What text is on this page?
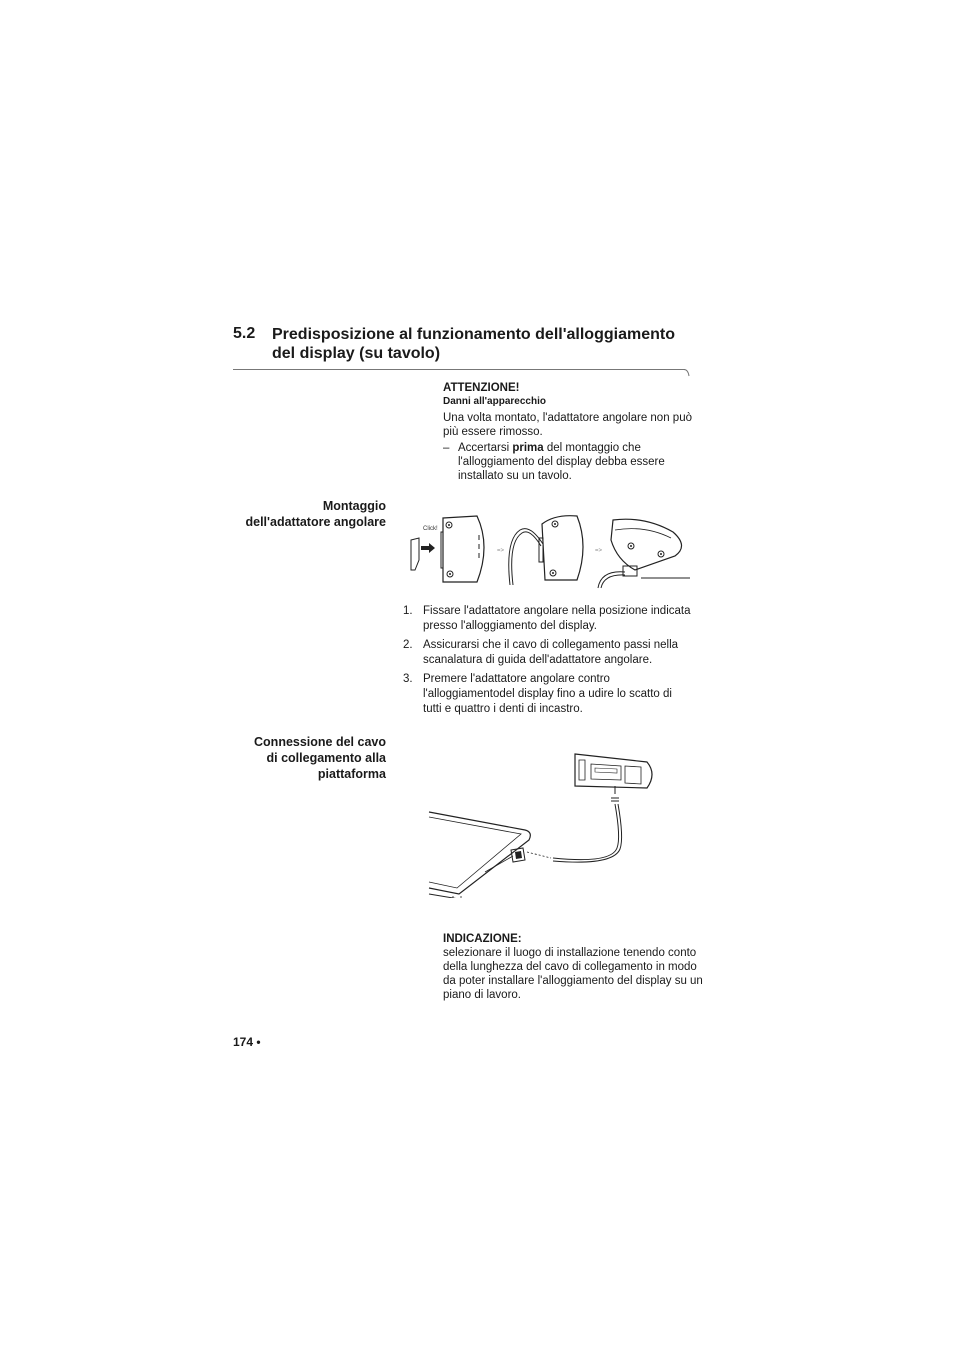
5.2 Predisposizione al funzionamento dell'alloggiamento
del display (su tavolo)
ATTENZIONE!
Danni all'apparecchio
Una volta montato, l'adattatore angolare non può più essere rimosso.
– Accertarsi prima del montaggio che l'alloggiamento del display debba essere installato su un tavolo.
Montaggio
dell'adattatore angolare	Click!
=>	=>
1. Fissare l'adattatore angolare nella posizione indicata presso l'alloggiamento del display.
2. Assicurarsi che il cavo di collegamento passi nella scanalatura di guida dell'adattatore angolare.
3. Premere l'adattatore angolare contro l'alloggiamentodel display fino a udire lo scatto di tutti e quattro i denti di incastro.
Connessione del cavo
di collegamento alla
piattaforma
INDICAZIONE:
selezionare il luogo di installazione tenendo conto della lunghezza del cavo di collegamento in modo da poter installare l'alloggiamento del display su un piano di lavoro.
174 •
